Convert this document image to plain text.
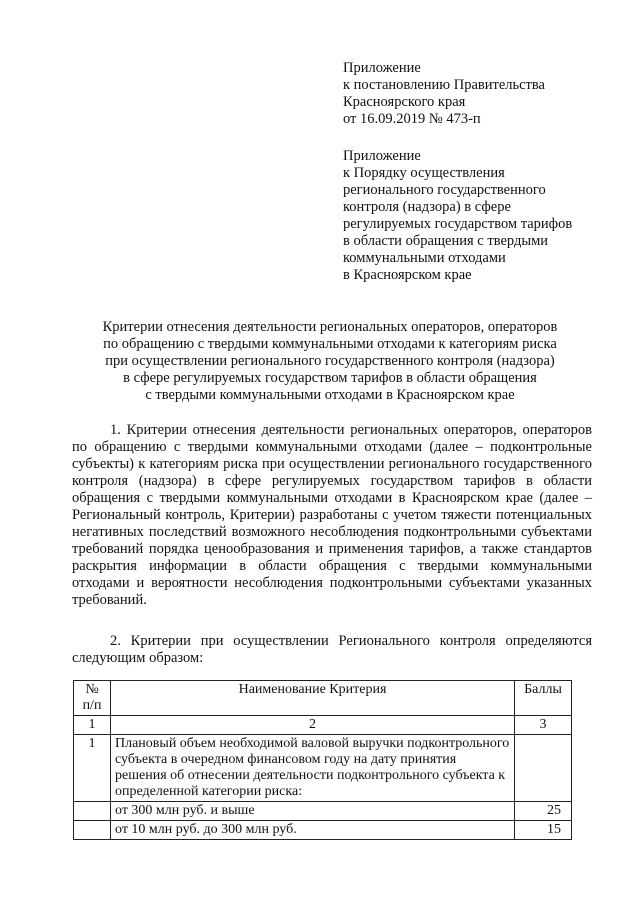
Приложение
к постановлению Правительства
Красноярского края
от 16.09.2019 № 473-п
Приложение
к Порядку осуществления
регионального государственного
контроля (надзора) в сфере
регулируемых государством тарифов
в области обращения с твердыми
коммунальными отходами
в Красноярском крае
Критерии отнесения деятельности региональных операторов, операторов
по обращению с твердыми коммунальными отходами к категориям риска
при осуществлении регионального государственного контроля (надзора)
в сфере регулируемых государством тарифов в области обращения
с твердыми коммунальными отходами в Красноярском крае
1. Критерии отнесения деятельности региональных операторов, операторов по обращению с твердыми коммунальными отходами (далее – подконтрольные субъекты) к категориям риска при осуществлении регионального государственного контроля (надзора) в сфере регулируемых государством тарифов в области обращения с твердыми коммунальными отходами в Красноярском крае (далее – Региональный контроль, Критерии) разработаны с учетом тяжести потенциальных негативных последствий возможного несоблюдения подконтрольными субъектами требований порядка ценообразования и применения тарифов, а также стандартов раскрытия информации в области обращения с твердыми коммунальными отходами и вероятности несоблюдения подконтрольными субъектами указанных требований.
2. Критерии при осуществлении Регионального контроля определяются следующим образом:
№ п/п	Наименование Критерия	Баллы
1	2	3
1	Плановый объем необходимой валовой выручки подконтрольного субъекта в очередном финансовом году на дату принятия решения об отнесении деятельности подконтрольного субъекта к определенной категории риска:	
	от 300 млн руб. и выше	25
	от 10 млн руб. до 300 млн руб.	15
